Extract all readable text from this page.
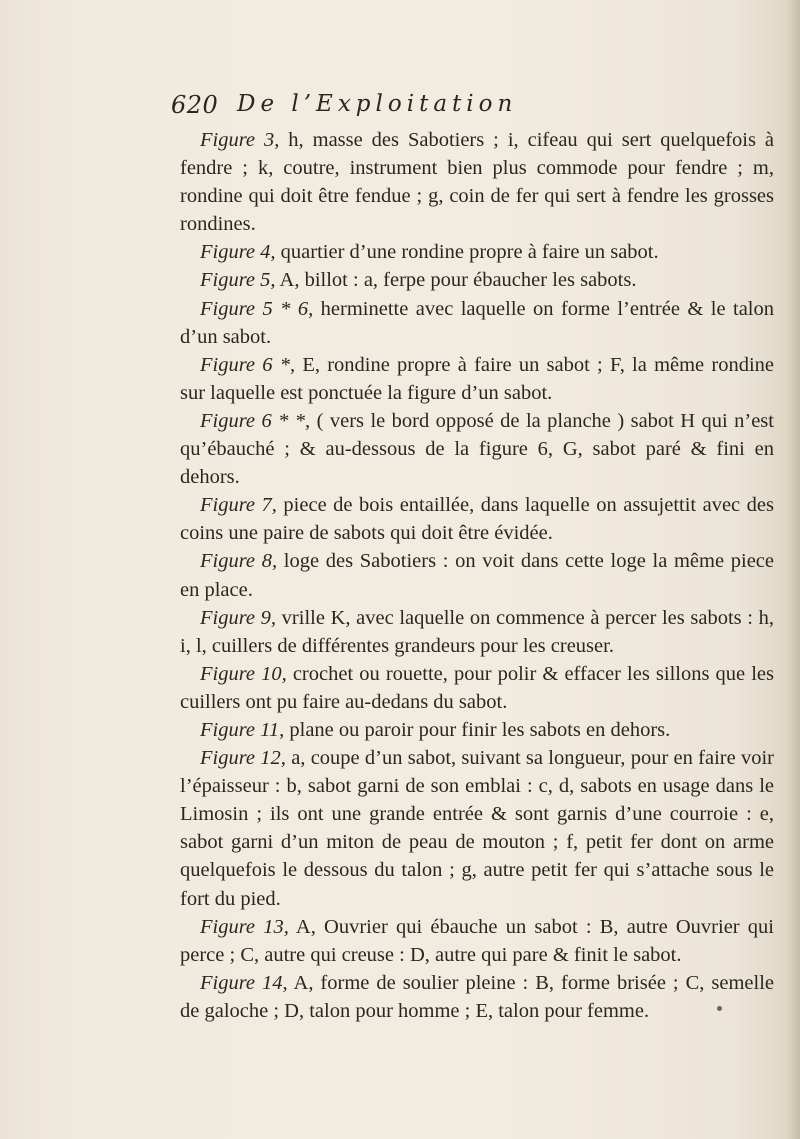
620 De l’Exploitation

Figure 3, h, masse des Sabotiers ; i, cifeau qui sert quelquefois à fendre ; k, coutre, instrument bien plus commode pour fendre ; m, rondine qui doit être fendue ; g, coin de fer qui sert à fendre les grosses rondines.

Figure 4, quartier d’une rondine propre à faire un sabot.

Figure 5, A, billot : a, ferpe pour ébaucher les sabots.

Figure 5 * 6, herminette avec laquelle on forme l’entrée & le talon d’un sabot.

Figure 6 *, E, rondine propre à faire un sabot ; F, la même rondine sur laquelle est ponctuée la figure d’un sabot.

Figure 6 * *, ( vers le bord opposé de la planche ) sabot H qui n’est qu’ébauché ; & au-dessous de la figure 6, G, sabot paré & fini en dehors.

Figure 7, piece de bois entaillée, dans laquelle on assujettit avec des coins une paire de sabots qui doit être évidée.

Figure 8, loge des Sabotiers : on voit dans cette loge la même piece en place.

Figure 9, vrille K, avec laquelle on commence à percer les sabots : h, i, l, cuillers de différentes grandeurs pour les creuser.

Figure 10, crochet ou rouette, pour polir & effacer les sillons que les cuillers ont pu faire au-dedans du sabot.

Figure 11, plane ou paroir pour finir les sabots en dehors.

Figure 12, a, coupe d’un sabot, suivant sa longueur, pour en faire voir l’épaisseur : b, sabot garni de son emblai : c, d, sabots en usage dans le Limosin ; ils ont une grande entrée & sont garnis d’une courroie : e, sabot garni d’un miton de peau de mouton ; f, petit fer dont on arme quelquefois le dessous du talon ; g, autre petit fer qui s’attache sous le fort du pied.

Figure 13, A, Ouvrier qui ébauche un sabot : B, autre Ouvrier qui perce ; C, autre qui creuse : D, autre qui pare & finit le sabot.

Figure 14, A, forme de soulier pleine : B, forme brisée ; C, semelle de galoche ; D, talon pour homme ; E, talon pour femme.
